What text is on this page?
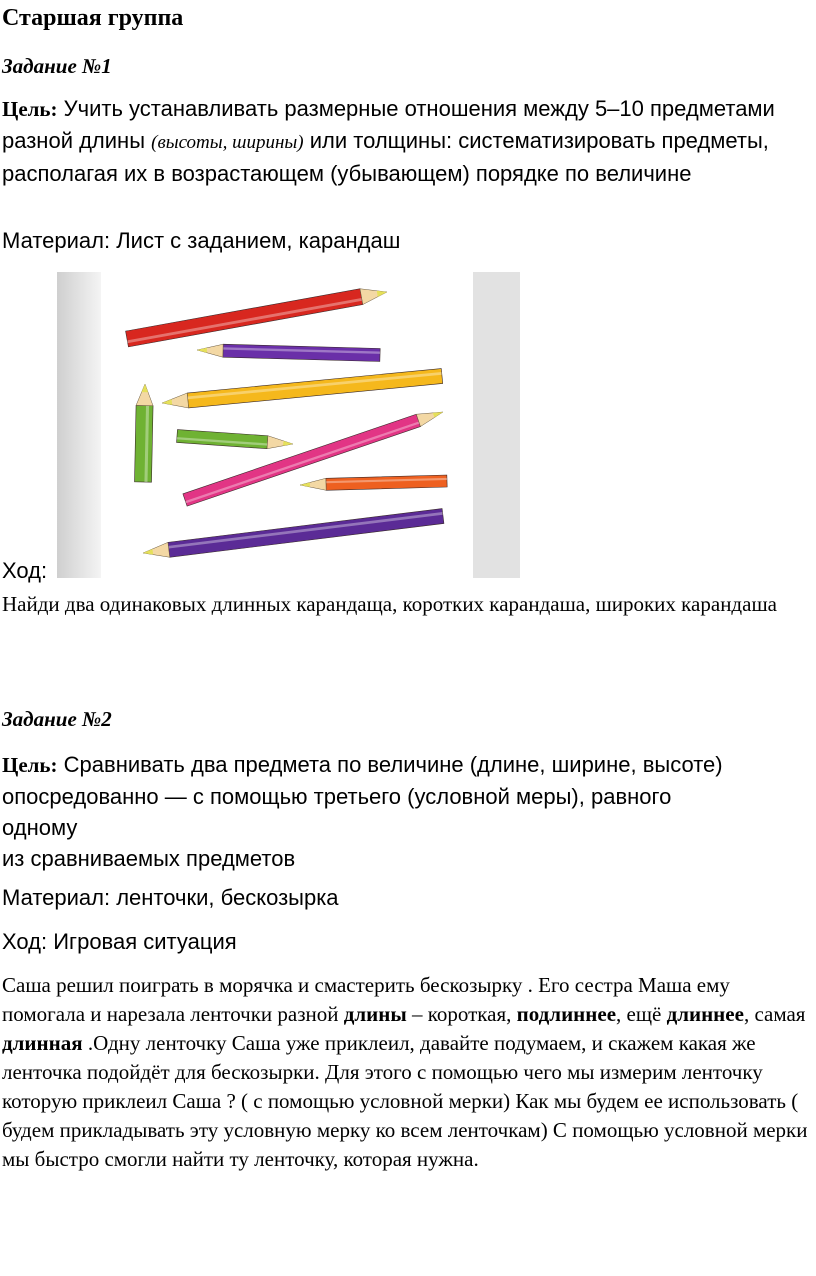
Старшая группа

Задание №1

Цель: Учить устанавливать размерные отношения между 5–10 предметами разной длины (высоты, ширины) или толщины: систематизировать предметы, располагая их в возрастающем (убывающем) порядке по величине

Материал: Лист с заданием, карандаш

Ход:

Найди два одинаковых длинных карандаща, коротких карандаша, широких карандаша

Задание №2

Цель: Сравнивать два предмета по величине (длине, ширине, высоте)
опосредованно — с помощью третьего (условной меры), равного
одному
из сравниваемых предметов

Материал: ленточки, бескозырка

Ход: Игровая ситуация

Саша решил поиграть в морячка и смастерить бескозырку . Его сестра Маша ему помогала и нарезала ленточки разной длины – короткая, подлиннее, ещё длиннее, самая длинная .Одну ленточку Саша уже приклеил, давайте подумаем, и скажем какая же ленточка подойдёт для бескозырки. Для этого с помощью чего мы измерим ленточку которую приклеил Саша ? ( с помощью условной мерки) Как мы будем ее использовать ( будем прикладывать эту условную мерку ко всем ленточкам) С помощью условной мерки мы быстро смогли найти ту ленточку, которая нужна.
